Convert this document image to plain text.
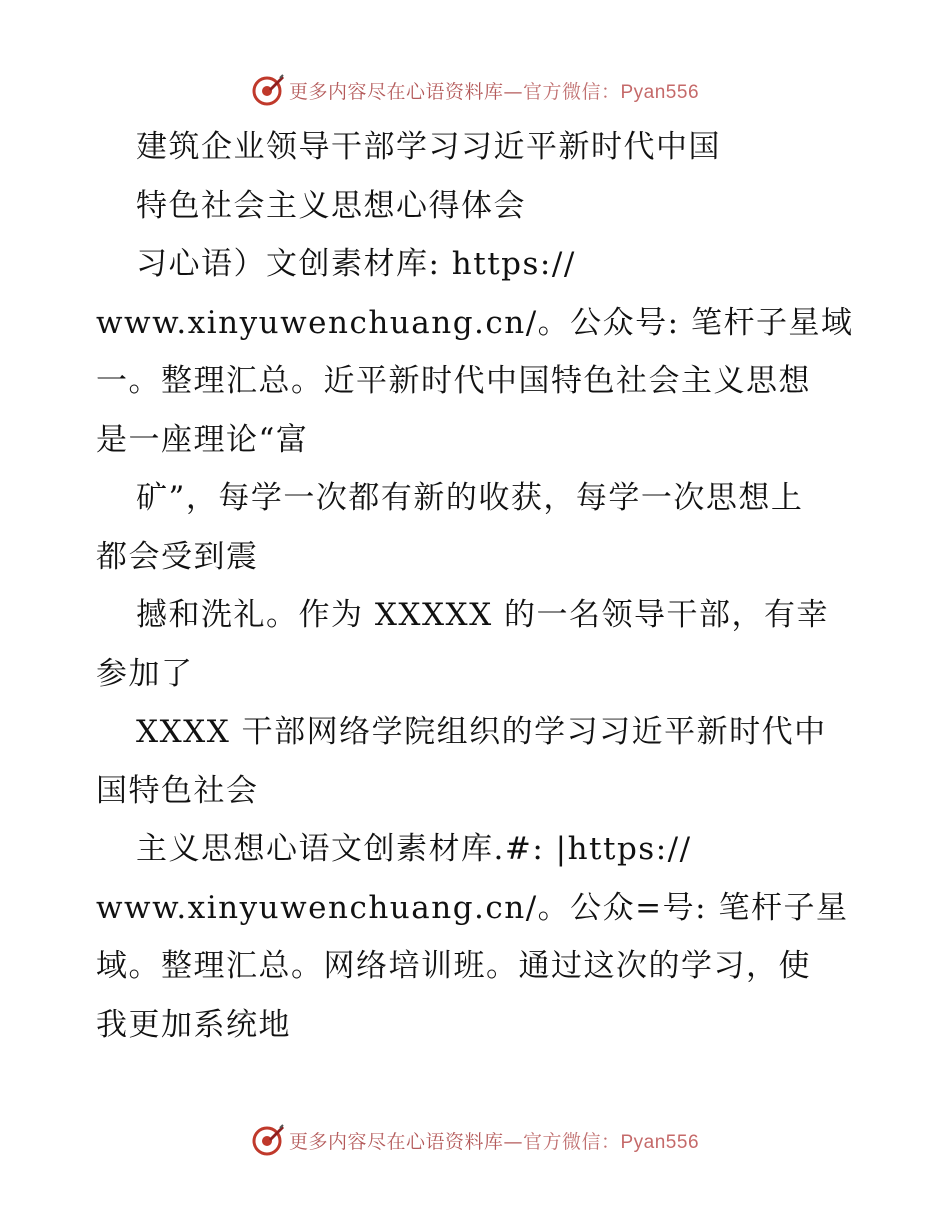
更多内容尽在心语资料库—官方微信：Pyan556
建筑企业领导干部学习习近平新时代中国
特色社会主义思想心得体会
习心语）文创素材库: https://
www.xinyuwenchuang.cn/。公众号: 笔杆子星域
一。整理汇总。近平新时代中国特色社会主义思想
是一座理论“富
矿”，每学一次都有新的收获，每学一次思想上
都会受到震
撼和洗礼。作为 XXXXX 的一名领导干部，有幸
参加了
XXXX 干部网络学院组织的学习习近平新时代中
国特色社会
主义思想心语文创素材库.#: |https://
www.xinyuwenchuang.cn/。公众=号: 笔杆子星
域。整理汇总。网络培训班。通过这次的学习，使
我更加系统地
更多内容尽在心语资料库—官方微信：Pyan556
